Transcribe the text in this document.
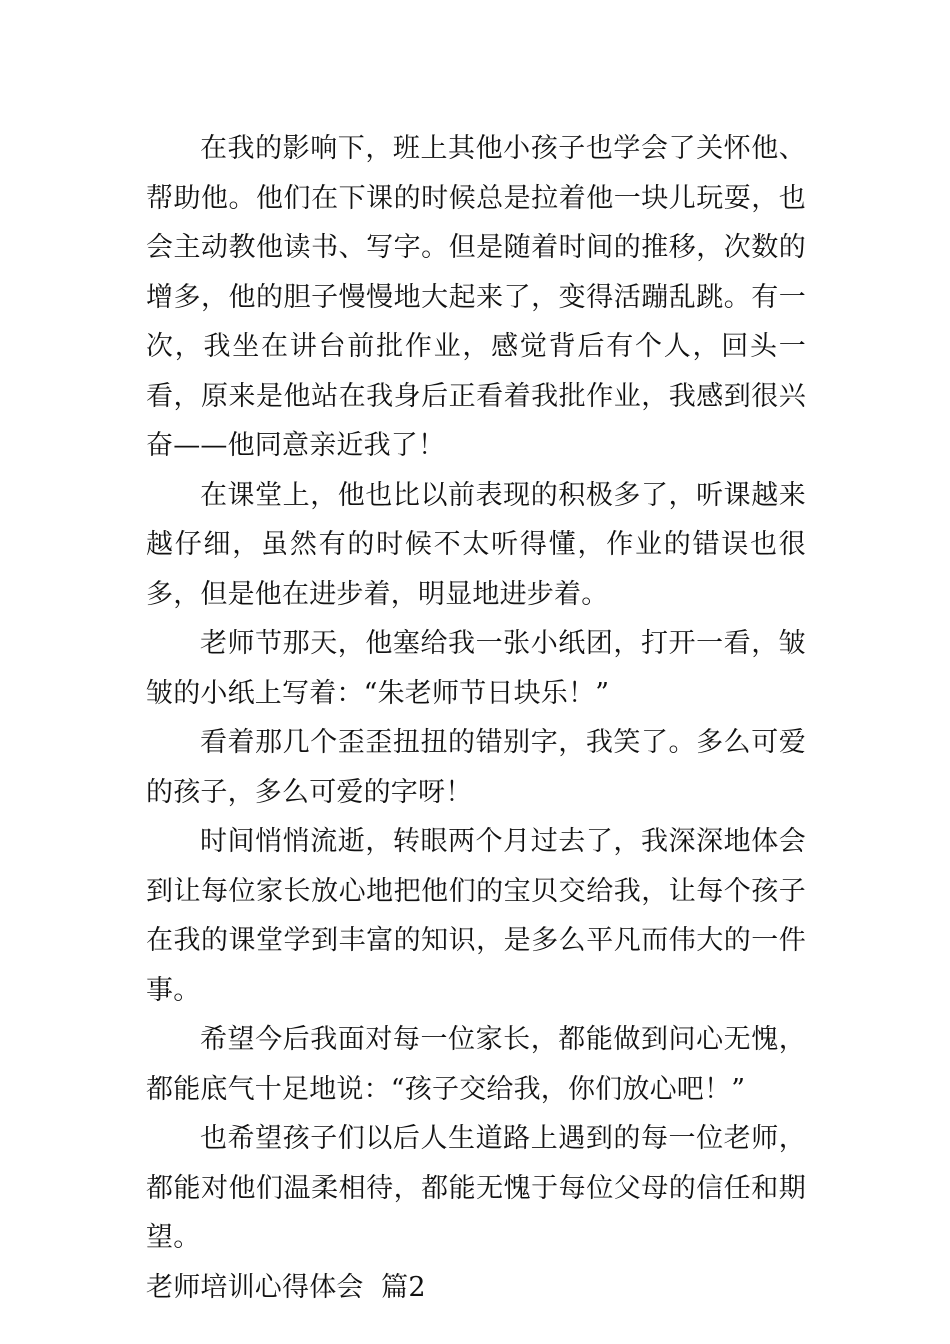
在我的影响下，班上其他小孩子也学会了关怀他、帮助他。他们在下课的时候总是拉着他一块儿玩耍，也会主动教他读书、写字。但是随着时间的推移，次数的增多，他的胆子慢慢地大起来了，变得活蹦乱跳。有一次，我坐在讲台前批作业，感觉背后有个人，回头一看，原来是他站在我身后正看着我批作业，我感到很兴奋——他同意亲近我了！

在课堂上，他也比以前表现的积极多了，听课越来越仔细，虽然有的时候不太听得懂，作业的错误也很多，但是他在进步着，明显地进步着。

老师节那天，他塞给我一张小纸团，打开一看，皱皱的小纸上写着：“朱老师节日块乐！”

看着那几个歪歪扭扭的错别字，我笑了。多么可爱的孩子，多么可爱的字呀！

时间悄悄流逝，转眼两个月过去了，我深深地体会到让每位家长放心地把他们的宝贝交给我，让每个孩子在我的课堂学到丰富的知识，是多么平凡而伟大的一件事。

希望今后我面对每一位家长，都能做到问心无愧，都能底气十足地说：“孩子交给我，你们放心吧！”

也希望孩子们以后人生道路上遇到的每一位老师，都能对他们温柔相待，都能无愧于每位父母的信任和期望。

老师培训心得体会  篇2
